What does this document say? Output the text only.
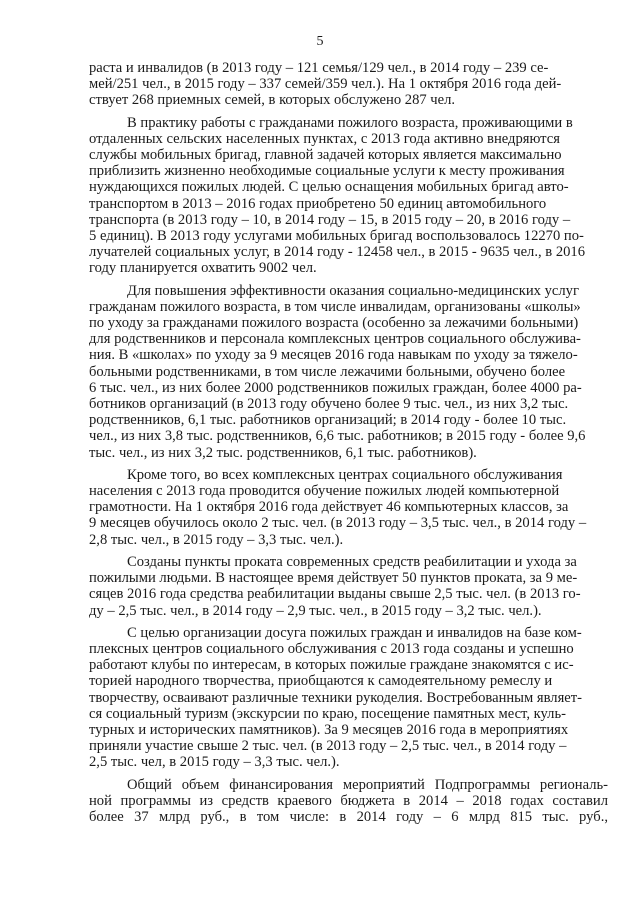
5
раста и инвалидов (в 2013 году – 121 семья/129 чел., в 2014 году – 239 се-
мей/251 чел., в 2015 году – 337 семей/359 чел.). На 1 октября 2016 года дей-
ствует 268 приемных семей, в которых обслужено 287 чел.
В практику работы с гражданами пожилого возраста, проживающими в
отдаленных сельских населенных пунктах, с 2013 года активно внедряются
службы мобильных бригад, главной задачей которых является максимально
приблизить жизненно необходимые социальные услуги к месту проживания
нуждающихся пожилых людей. С целью оснащения мобильных бригад авто-
транспортом в 2013 – 2016 годах приобретено 50 единиц автомобильного
транспорта (в 2013 году – 10, в 2014 году – 15, в 2015 году – 20, в 2016 году –
5 единиц). В 2013 году услугами мобильных бригад воспользовалось 12270 по-
лучателей социальных услуг, в 2014 году - 12458 чел., в 2015 - 9635 чел., в 2016
году планируется охватить 9002 чел.
Для повышения эффективности оказания социально-медицинских услуг
гражданам пожилого возраста, в том числе инвалидам, организованы «школы»
по уходу за гражданами пожилого возраста (особенно за лежачими больными)
для родственников и персонала комплексных центров социального обслужива-
ния. В «школах» по уходу за 9 месяцев 2016 года навыкам по уходу за тяжело-
больными родственниками, в том числе лежачими больными, обучено более
6 тыс. чел., из них более 2000 родственников пожилых граждан, более 4000 ра-
ботников организаций (в 2013 году обучено более 9 тыс. чел., из них 3,2 тыс.
родственников, 6,1 тыс. работников организаций; в 2014 году - более 10 тыс.
чел., из них 3,8 тыс. родственников, 6,6 тыс. работников; в 2015 году - более 9,6
тыс. чел., из них 3,2 тыс. родственников, 6,1 тыс. работников).
Кроме того, во всех комплексных центрах социального обслуживания
населения с 2013 года проводится обучение пожилых людей компьютерной
грамотности. На 1 октября 2016 года действует 46 компьютерных классов, за
9 месяцев обучилось около 2 тыс. чел. (в 2013 году – 3,5 тыс. чел., в 2014 году –
2,8 тыс. чел., в 2015 году – 3,3 тыс. чел.).
Созданы пункты проката современных средств реабилитации и ухода за
пожилыми людьми. В настоящее время действует 50 пунктов проката, за 9 ме-
сяцев 2016 года средства реабилитации выданы свыше 2,5 тыс. чел. (в 2013 го-
ду – 2,5 тыс. чел., в 2014 году – 2,9 тыс. чел., в 2015 году – 3,2 тыс. чел.).
С целью организации досуга пожилых граждан и инвалидов на базе ком-
плексных центров социального обслуживания с 2013 года созданы и успешно
работают клубы по интересам, в которых пожилые граждане знакомятся с ис-
торией народного творчества, приобщаются к самодеятельному ремеслу и
творчеству, осваивают различные техники рукоделия. Востребованным являет-
ся социальный туризм (экскурсии по краю, посещение памятных мест, куль-
турных и исторических памятников). За 9 месяцев 2016 года в мероприятиях
приняли участие свыше 2 тыс. чел. (в 2013 году – 2,5 тыс. чел., в 2014 году –
2,5 тыс. чел, в 2015 году – 3,3 тыс. чел.).
Общий объем финансирования мероприятий Подпрограммы региональ-
ной программы из средств краевого бюджета в 2014 – 2018 годах составил
более 37 млрд руб., в том числе: в 2014 году – 6 млрд 815 тыс. руб.,
